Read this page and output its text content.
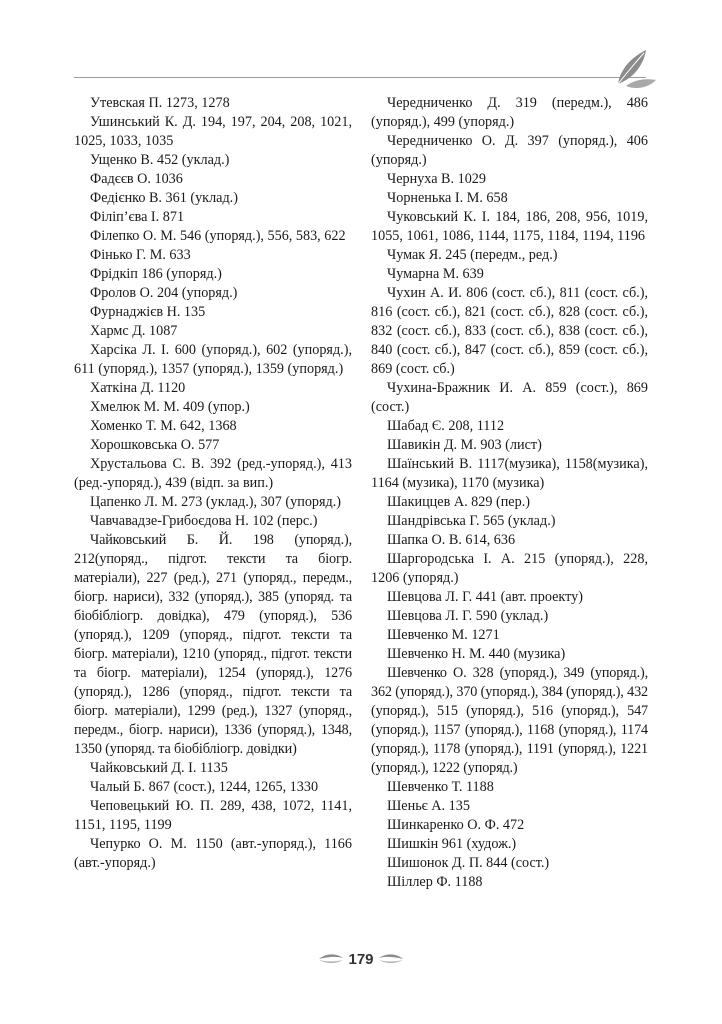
Утевская П. 1273, 1278
Ушинський К. Д. 194, 197, 204, 208, 1021, 1025, 1033, 1035
Ущенко В. 452 (уклад.)
Фадєєв О. 1036
Федієнко В. 361 (уклад.)
Філіп’єва І. 871
Філепко О. М. 546 (упоряд.), 556, 583, 622
Фінько Г. М. 633
Фрідкіп 186 (упоряд.)
Фролов О. 204 (упоряд.)
Фурнаджієв Н. 135
Хармс Д. 1087
Харсіка Л. І. 600 (упоряд.), 602 (упоряд.), 611 (упоряд.), 1357 (упоряд.), 1359 (упоряд.)
Хаткіна Д. 1120
Хмелюк М. М. 409 (упор.)
Хоменко Т. М. 642, 1368
Хорошковська О. 577
Хрустальова С. В. 392 (ред.-упоряд.), 413 (ред.-упоряд.), 439 (відп. за вип.)
Цапенко Л. М. 273 (уклад.), 307 (упоряд.)
Чавчавадзе-Грибоєдова Н. 102 (перс.)
Чайковський Б. Й. 198 (упоряд.), 212(упоряд., підгот. тексти та біогр. матеріали), 227 (ред.), 271 (упоряд., передм., біогр. нариси), 332 (упоряд.), 385 (упоряд. та біобібліогр. довідка), 479 (упоряд.), 536 (упоряд.), 1209 (упоряд., підгот. тексти та біогр. матеріали), 1210 (упоряд., підгот. тексти та біогр. матеріали), 1254 (упоряд.), 1276 (упоряд.), 1286 (упоряд., підгот. тексти та біогр. матеріали), 1299 (ред.), 1327 (упоряд., передм., біогр. нариси), 1336 (упоряд.), 1348, 1350 (упоряд. та біобібліогр. довідки)
Чайковський Д. І. 1135
Чалый Б. 867 (сост.), 1244, 1265, 1330
Чеповецький Ю. П. 289, 438, 1072, 1141, 1151, 1195, 1199
Чепурко О. М. 1150 (авт.-упоряд.), 1166 (авт.-упоряд.)
Чередниченко Д. 319 (передм.), 486 (упоряд.), 499 (упоряд.)
Чередниченко О. Д. 397 (упоряд.), 406 (упоряд.)
Чернуха В. 1029
Чорненька І. М. 658
Чуковський К. І. 184, 186, 208, 956, 1019, 1055, 1061, 1086, 1144, 1175, 1184, 1194, 1196
Чумак Я. 245 (передм., ред.)
Чумарна М. 639
Чухин А. И. 806 (сост. сб.), 811 (сост. сб.), 816 (сост. сб.), 821 (сост. сб.), 828 (сост. сб.), 832 (сост. сб.), 833 (сост. сб.), 838 (сост. сб.), 840 (сост. сб.), 847 (сост. сб.), 859 (сост. сб.), 869 (сост. сб.)
Чухина-Бражник И. А. 859 (сост.), 869 (сост.)
Шабад Є. 208, 1112
Шавикін Д. М. 903 (лист)
Шаїнський В. 1117(музика), 1158(музика), 1164 (музика), 1170 (музика)
Шакиццев А. 829 (пер.)
Шандрівська Г. 565 (уклад.)
Шапка О. В. 614, 636
Шаргородська І. А. 215 (упоряд.), 228, 1206 (упоряд.)
Шевцова Л. Г. 441 (авт. проекту)
Шевцова Л. Г. 590 (уклад.)
Шевченко М. 1271
Шевченко Н. М. 440 (музика)
Шевченко О. 328 (упоряд.), 349 (упоряд.), 362 (упоряд.), 370 (упоряд.), 384 (упоряд.), 432 (упоряд.), 515 (упоряд.), 516 (упоряд.), 547 (упоряд.), 1157 (упоряд.), 1168 (упоряд.), 1174 (упоряд.), 1178 (упоряд.), 1191 (упоряд.), 1221 (упоряд.), 1222 (упоряд.)
Шевченко Т. 1188
Шеньє А. 135
Шинкаренко О. Ф. 472
Шишкін 961 (худож.)
Шишонок Д. П. 844 (сост.)
Шіллер Ф. 1188
179
